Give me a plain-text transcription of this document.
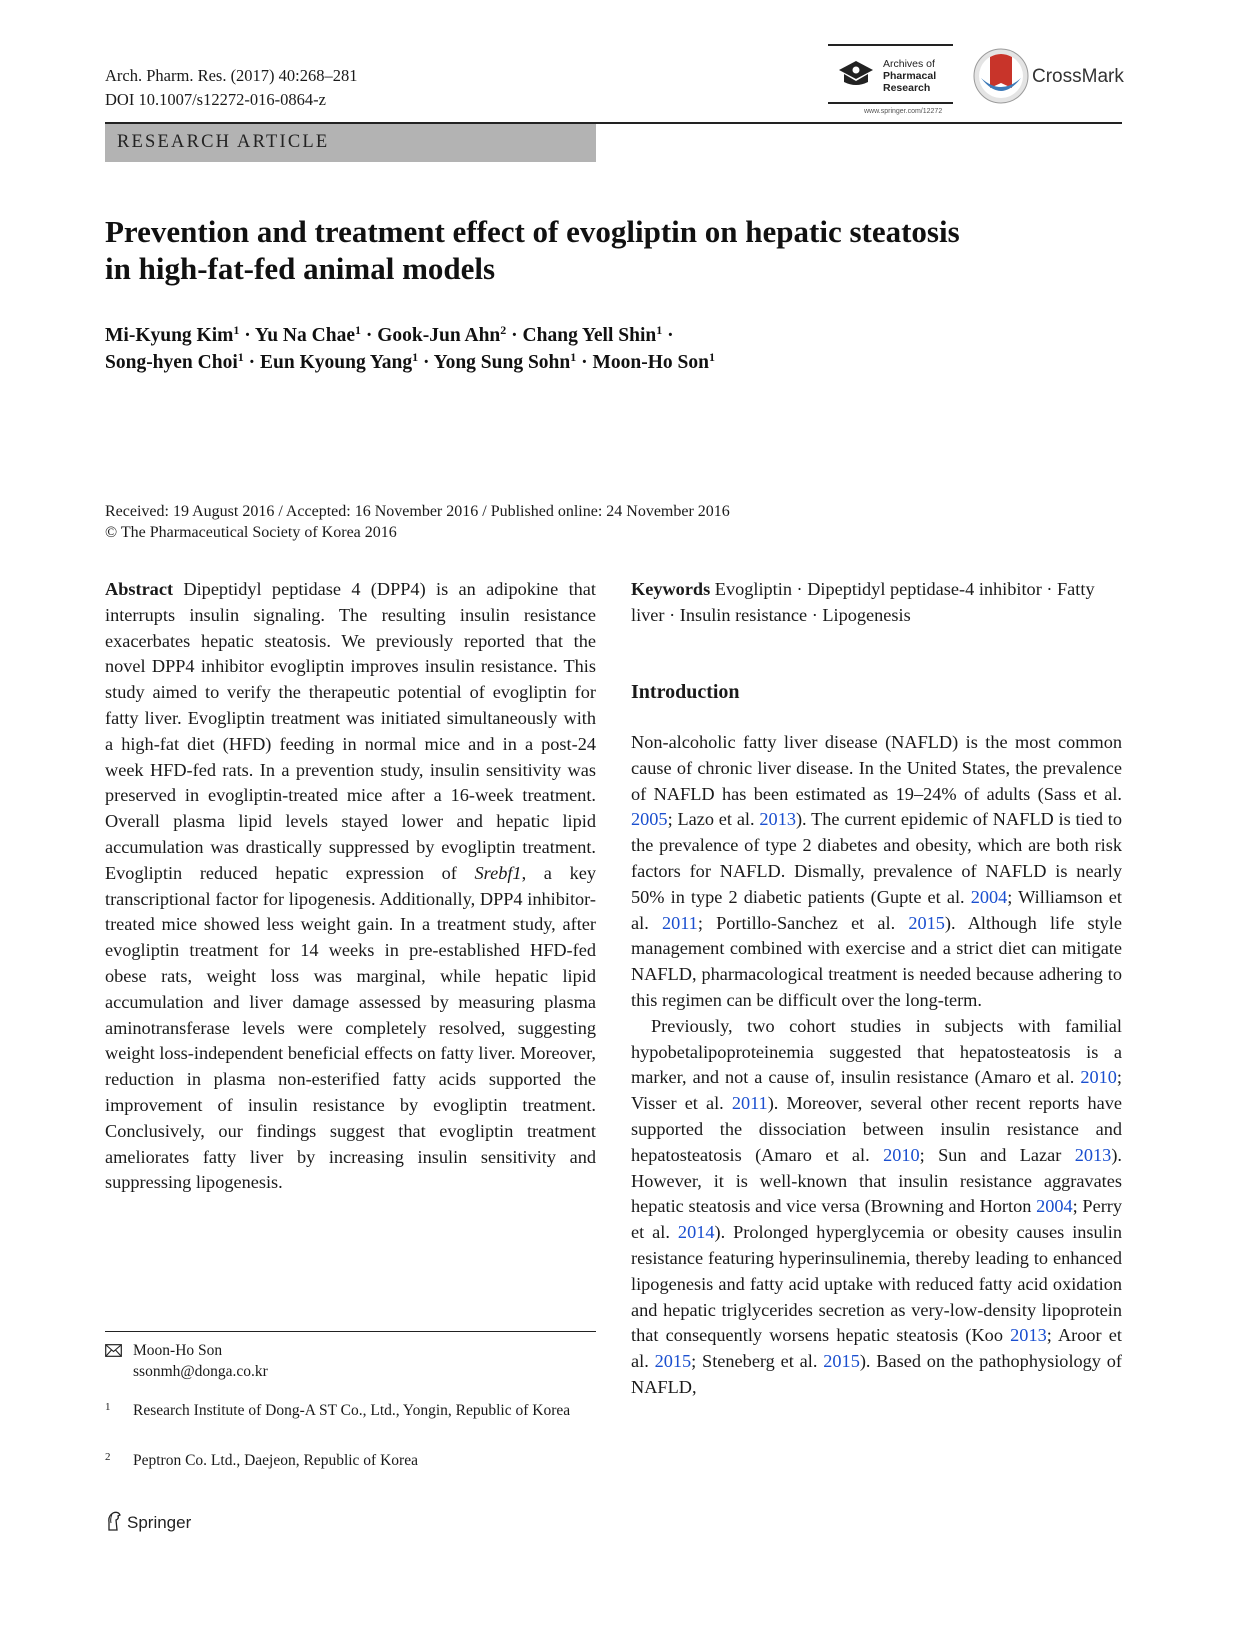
Arch. Pharm. Res. (2017) 40:268–281
DOI 10.1007/s12272-016-0864-z
Archives of
Pharmacal
Research
www.springer.com/12272
CrossMark
RESEARCH ARTICLE
Prevention and treatment effect of evogliptin on hepatic steatosis
in high-fat-fed animal models
Mi-Kyung Kim$^1$ · Yu Na Chae$^1$ · Gook-Jun Ahn$^2$ · Chang Yell Shin$^1$ ·
Song-hyen Choi$^1$ · Eun Kyoung Yang$^1$ · Yong Sung Sohn$^1$ · Moon-Ho Son$^1$
Received: 19 August 2016 / Accepted: 16 November 2016 / Published online: 24 November 2016
© The Pharmaceutical Society of Korea 2016

Abstract Dipeptidyl peptidase 4 (DPP4) is an adipokine that interrupts insulin signaling. The resulting insulin resistance exacerbates hepatic steatosis. We previously reported that the novel DPP4 inhibitor evogliptin improves insulin resistance. This study aimed to verify the therapeutic potential of evogliptin for fatty liver. Evogliptin treatment was initiated simultaneously with a high-fat diet (HFD) feeding in normal mice and in a post-24 week HFD-fed rats. In a prevention study, insulin sensitivity was preserved in evogliptin-treated mice after a 16-week treatment. Overall plasma lipid levels stayed lower and hepatic lipid accumulation was drastically suppressed by evogliptin treatment. Evogliptin reduced hepatic expression of Srebf1, a key transcriptional factor for lipogenesis. Additionally, DPP4 inhibitor-treated mice showed less weight gain. In a treatment study, after evogliptin treatment for 14 weeks in pre-established HFD-fed obese rats, weight loss was marginal, while hepatic lipid accumulation and liver damage assessed by measuring plasma aminotransferase levels were completely resolved, suggesting weight loss-independent beneficial effects on fatty liver. Moreover, reduction in plasma non-esterified fatty acids supported the improvement of insulin resistance by evogliptin treatment. Conclusively, our findings suggest that evogliptin treatment ameliorates fatty liver by increasing insulin sensitivity and suppressing lipogenesis.

Keywords Evogliptin · Dipeptidyl peptidase-4 inhibitor · Fatty liver · Insulin resistance · Lipogenesis

Introduction

Non-alcoholic fatty liver disease (NAFLD) is the most common cause of chronic liver disease. In the United States, the prevalence of NAFLD has been estimated as 19–24% of adults (Sass et al. 2005; Lazo et al. 2013). The current epidemic of NAFLD is tied to the prevalence of type 2 diabetes and obesity, which are both risk factors for NAFLD. Dismally, prevalence of NAFLD is nearly 50% in type 2 diabetic patients (Gupte et al. 2004; Williamson et al. 2011; Portillo-Sanchez et al. 2015). Although life style management combined with exercise and a strict diet can mitigate NAFLD, pharmacological treatment is needed because adhering to this regimen can be difficult over the long-term.

Previously, two cohort studies in subjects with familial hypobetalipoproteinemia suggested that hepatosteatosis is a marker, and not a cause of, insulin resistance (Amaro et al. 2010; Visser et al. 2011). Moreover, several other recent reports have supported the dissociation between insulin resistance and hepatosteatosis (Amaro et al. 2010; Sun and Lazar 2013). However, it is well-known that insulin resistance aggravates hepatic steatosis and vice versa (Browning and Horton 2004; Perry et al. 2014). Prolonged hyperglycemia or obesity causes insulin resistance featuring hyperinsulinemia, thereby leading to enhanced lipogenesis and fatty acid uptake with reduced fatty acid oxidation and hepatic triglycerides secretion as very-low-density lipoprotein that consequently worsens hepatic steatosis (Koo 2013; Aroor et al. 2015; Steneberg et al. 2015). Based on the pathophysiology of NAFLD,

Moon-Ho Son
ssonmh@donga.co.kr
1 Research Institute of Dong-A ST Co., Ltd., Yongin, Republic of Korea
2 Peptron Co. Ltd., Daejeon, Republic of Korea
Springer
